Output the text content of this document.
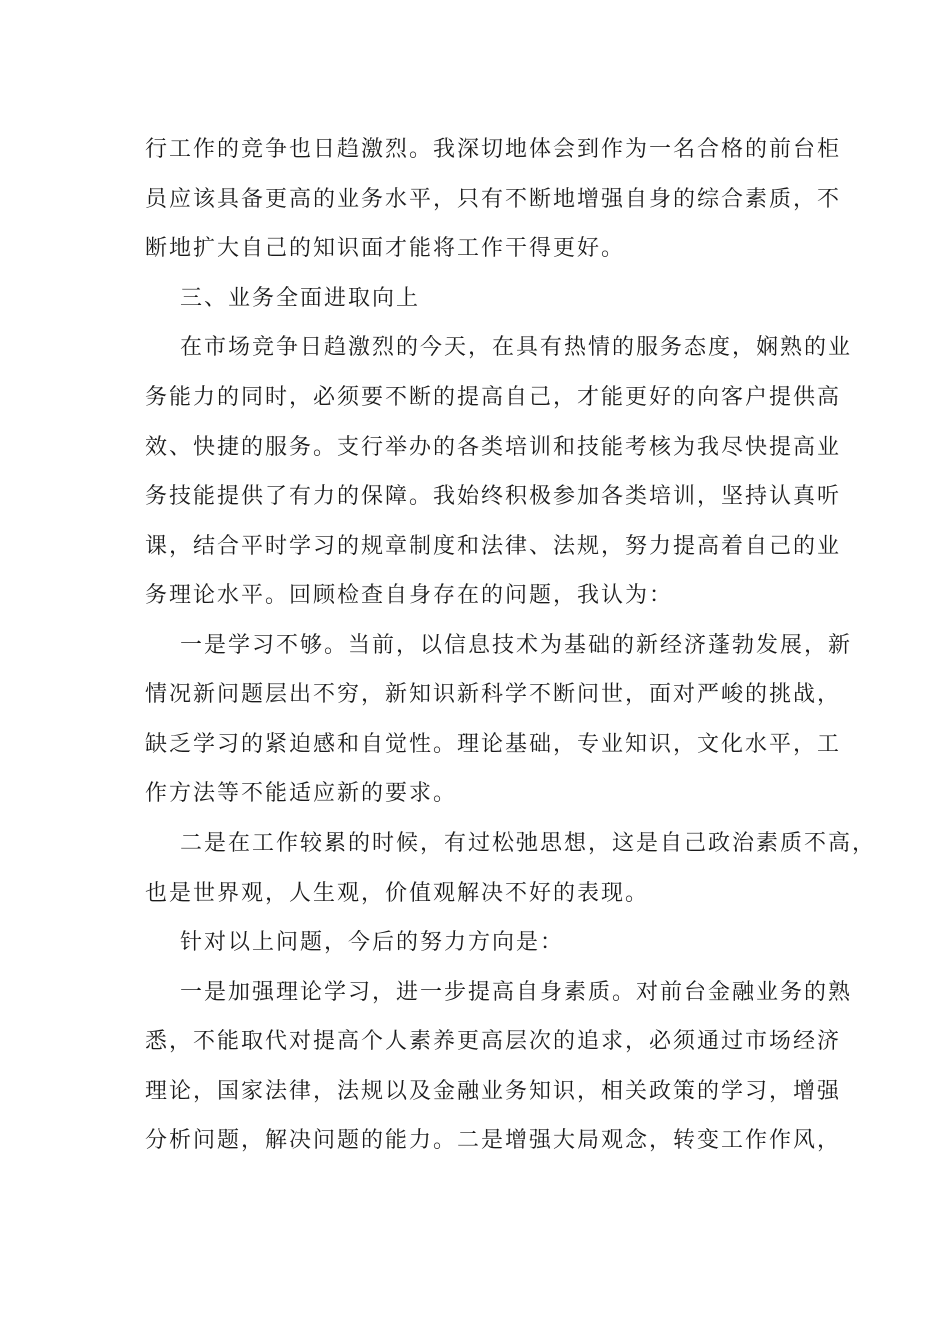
行工作的竞争也日趋激烈。我深切地体会到作为一名合格的前台柜
员应该具备更高的业务水平，只有不断地增强自身的综合素质，不
断地扩大自己的知识面才能将工作干得更好。
三、业务全面进取向上
在市场竞争日趋激烈的今天，在具有热情的服务态度，娴熟的业
务能力的同时，必须要不断的提高自己，才能更好的向客户提供高
效、快捷的服务。支行举办的各类培训和技能考核为我尽快提高业
务技能提供了有力的保障。我始终积极参加各类培训，坚持认真听
课，结合平时学习的规章制度和法律、法规，努力提高着自己的业
务理论水平。回顾检查自身存在的问题，我认为：
一是学习不够。当前，以信息技术为基础的新经济蓬勃发展，新
情况新问题层出不穷，新知识新科学不断问世，面对严峻的挑战，
缺乏学习的紧迫感和自觉性。理论基础，专业知识，文化水平，工
作方法等不能适应新的要求。
二是在工作较累的时候，有过松弛思想，这是自己政治素质不高，
也是世界观，人生观，价值观解决不好的表现。
针对以上问题，今后的努力方向是：
一是加强理论学习，进一步提高自身素质。对前台金融业务的熟
悉，不能取代对提高个人素养更高层次的追求，必须通过市场经济
理论，国家法律，法规以及金融业务知识，相关政策的学习，增强
分析问题，解决问题的能力。二是增强大局观念，转变工作作风，
